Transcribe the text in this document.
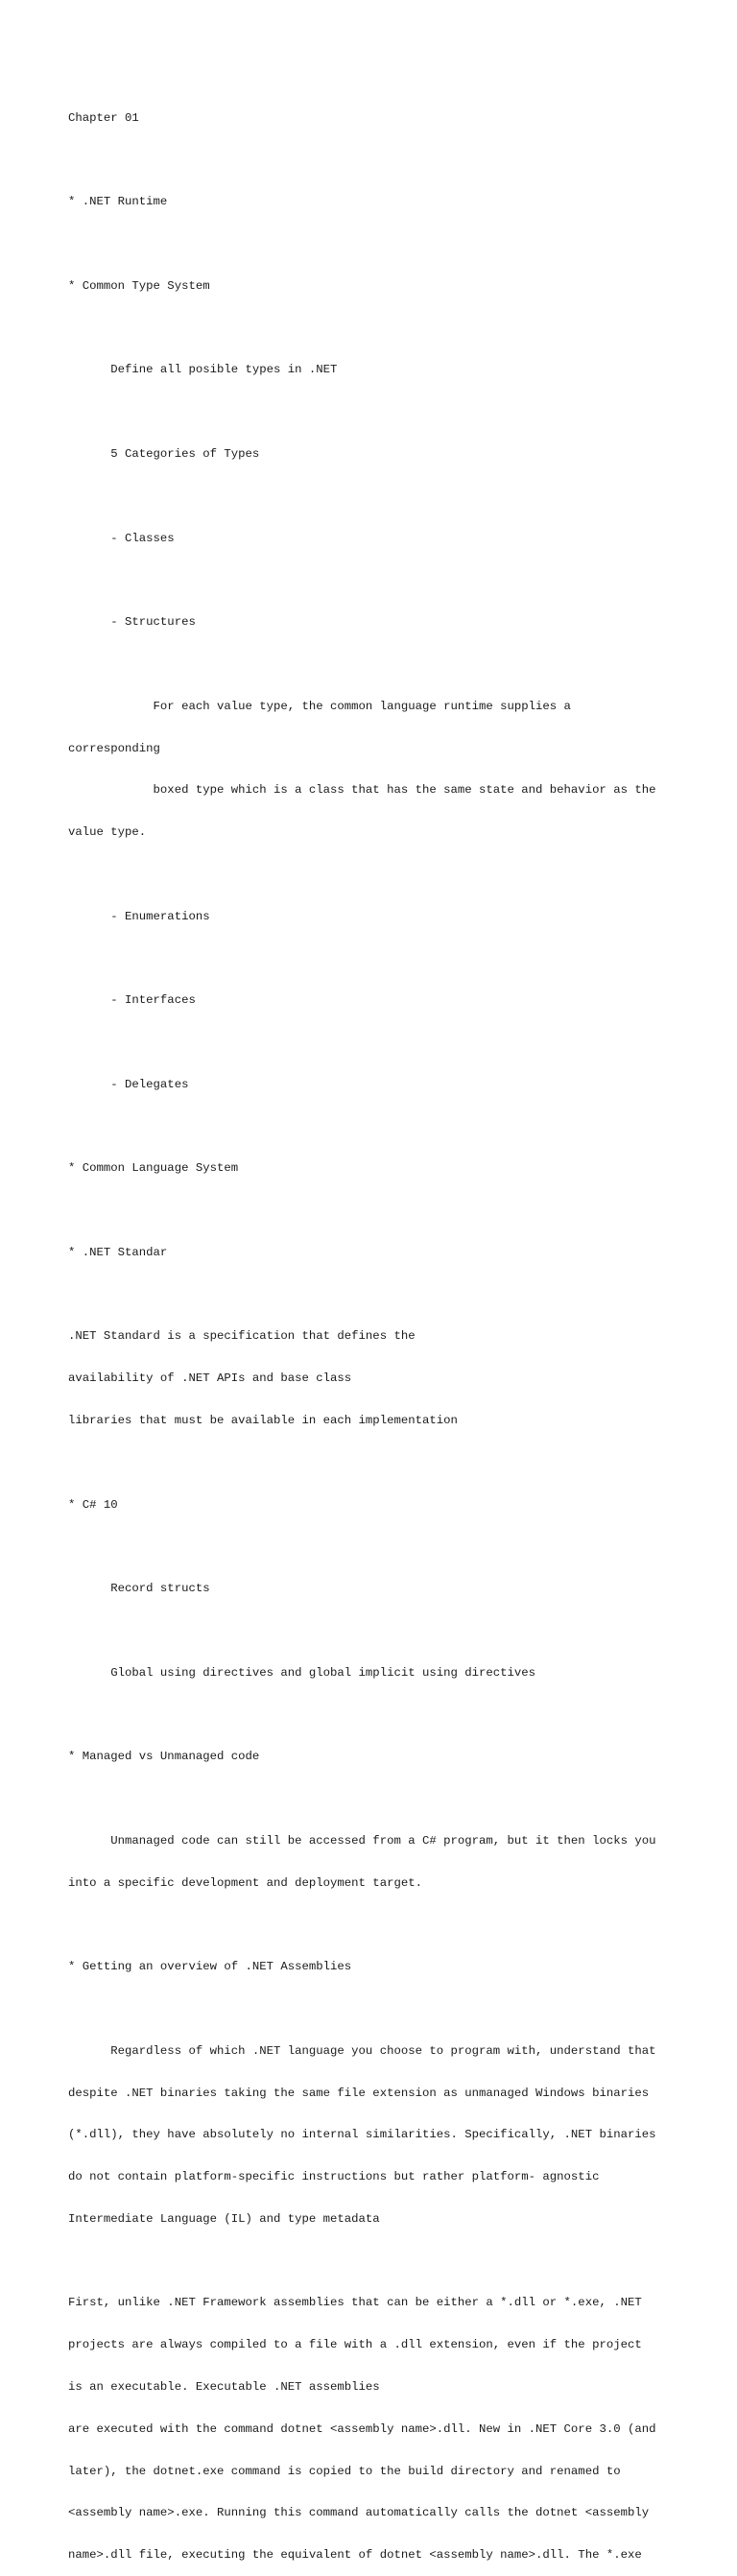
Chapter 01

* .NET Runtime

* Common Type System

Define all posible types in .NET

5 Categories of Types

- Classes

- Structures

For each value type, the common language runtime supplies a

corresponding

boxed type which is a class that has the same state and behavior as the

value type.

- Enumerations

- Interfaces

- Delegates

* Common Language System

* .NET Standar

.NET Standard is a specification that defines the

availability of .NET APIs and base class

libraries that must be available in each implementation

* C# 10

Record structs

Global using directives and global implicit using directives

* Managed vs Unmanaged code

Unmanaged code can still be accessed from a C# program, but it then locks you

into a specific development and deployment target.

* Getting an overview of .NET Assemblies

Regardless of which .NET language you choose to program with, understand that

despite .NET binaries taking the same file extension as unmanaged Windows binaries

(*.dll), they have absolutely no internal similarities. Specifically, .NET binaries

do not contain platform-specific instructions but rather platform- agnostic

Intermediate Language (IL) and type metadata

First, unlike .NET Framework assemblies that can be either a *.dll or *.exe, .NET

projects are always compiled to a file with a .dll extension, even if the project

is an executable. Executable .NET assemblies

are executed with the command dotnet <assembly name>.dll. New in .NET Core 3.0 (and

later), the dotnet.exe command is copied to the build directory and renamed to

<assembly name>.exe. Running this command automatically calls the dotnet <assembly

name>.dll file, executing the equivalent of dotnet <assembly name>.dll. The *.exe
